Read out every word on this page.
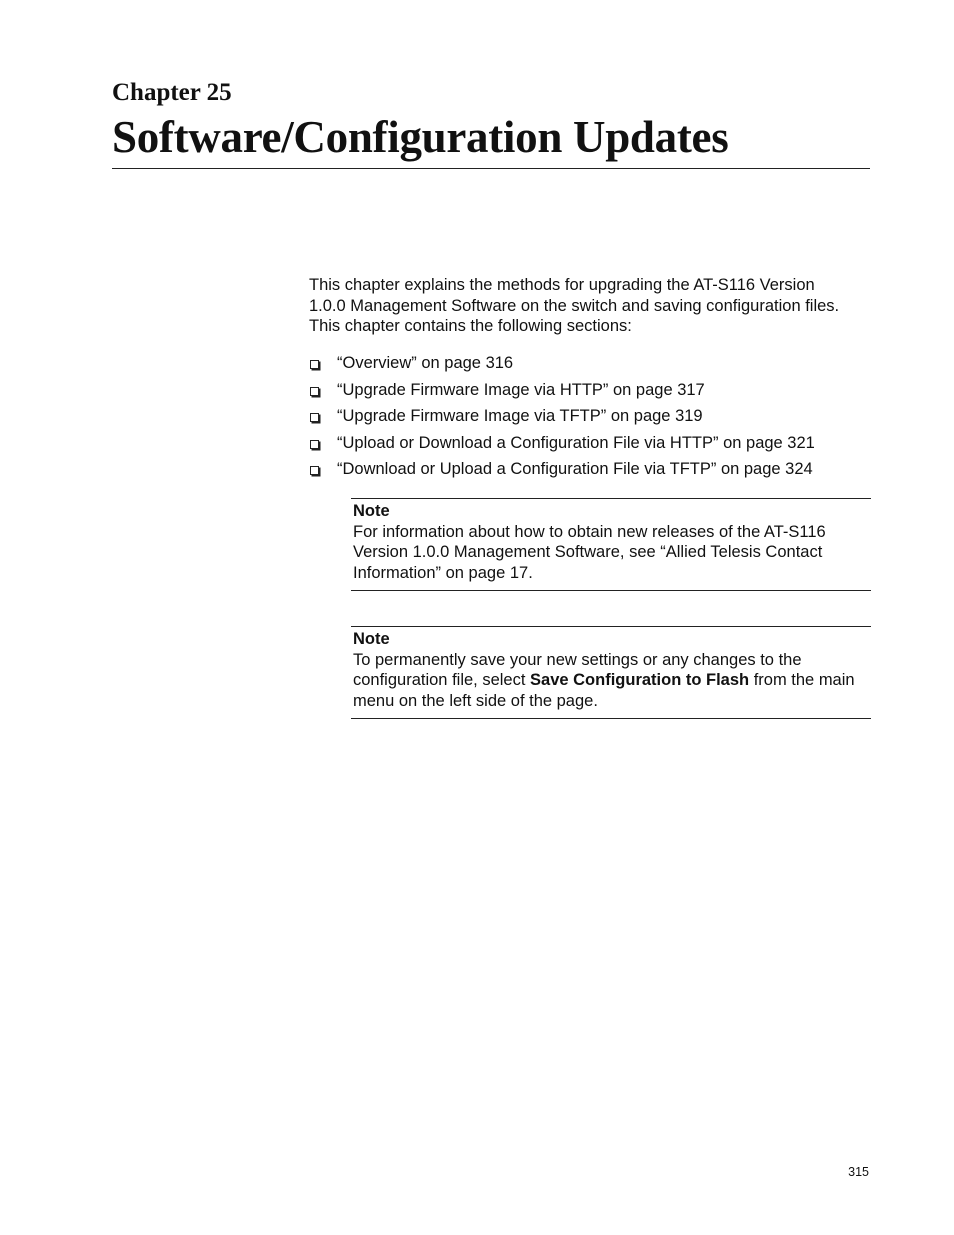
Chapter 25
Software/Configuration Updates

This chapter explains the methods for upgrading the AT-S116 Version
1.0.0 Management Software on the switch and saving configuration files.
This chapter contains the following sections:

“Overview” on page 316
“Upgrade Firmware Image via HTTP” on page 317
“Upgrade Firmware Image via TFTP” on page 319
“Upload or Download a Configuration File via HTTP” on page 321
“Download or Upload a Configuration File via TFTP” on page 324
Note
For information about how to obtain new releases of the AT-S116
Version 1.0.0 Management Software, see “Allied Telesis Contact
Information” on page 17.
Note
To permanently save your new settings or any changes to the
configuration file, select Save Configuration to Flash from the main
menu on the left side of the page.
315
